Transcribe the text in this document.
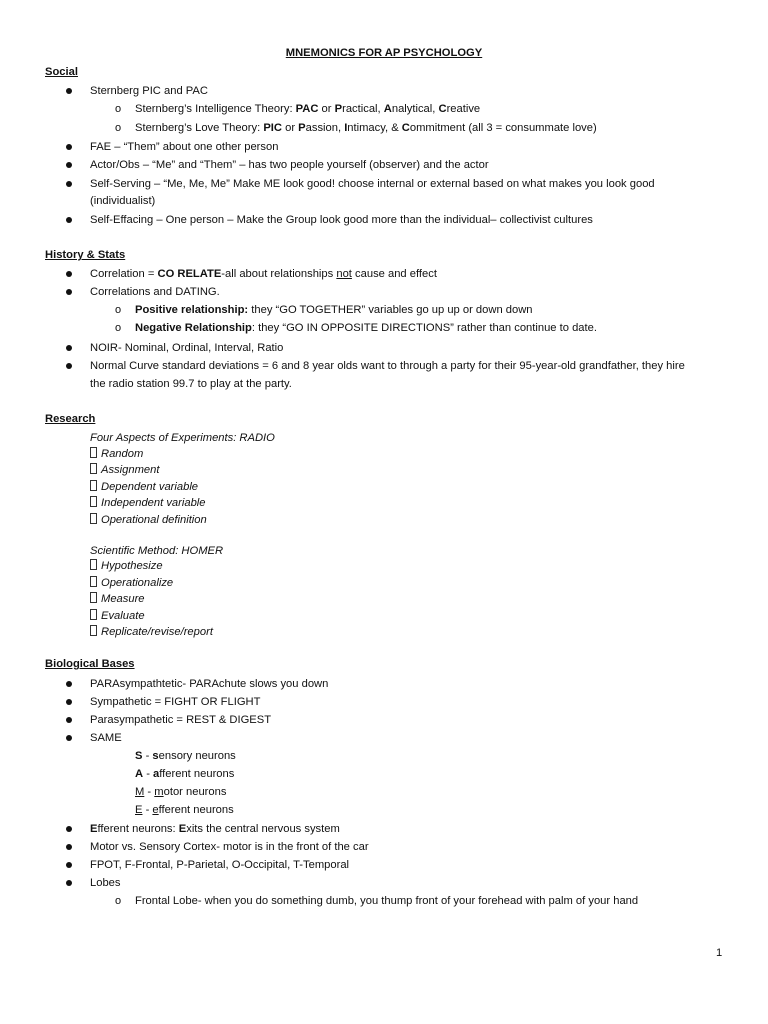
MNEMONICS FOR AP PSYCHOLOGY
Social
Sternberg PIC and PAC
o Sternberg’s Intelligence Theory: PAC or Practical, Analytical, Creative
o Sternberg’s Love Theory: PIC or Passion, Intimacy, & Commitment (all 3 = consummate love)
FAE – “Them” about one other person
Actor/Obs – “Me” and “Them” – has two people yourself (observer) and the actor
Self-Serving – “Me, Me, Me” Make ME look good! choose internal or external based on what makes you look good
(individualist)
Self-Effacing – One person – Make the Group look good more than the individual– collectivist cultures
History & Stats
Correlation = CO RELATE-all about relationships not cause and effect
Correlations and DATING.
o Positive relationship: they “GO TOGETHER” variables go up up or down down
o Negative Relationship: they “GO IN OPPOSITE DIRECTIONS” rather than continue to date.
NOIR- Nominal, Ordinal, Interval, Ratio
Normal Curve standard deviations = 6 and 8 year olds want to through a party for their 95-year-old grandfather, they hire
the radio station 99.7 to play at the party.
Research
Four Aspects of Experiments: RADIO
Random
Assignment
Dependent variable
Independent variable
Operational definition
Scientific Method: HOMER
Hypothesize
Operationalize
Measure
Evaluate
Replicate/revise/report
Biological Bases
PARAsympathtetic- PARAchute slows you down
Sympathetic = FIGHT OR FLIGHT
Parasympathetic = REST & DIGEST
SAME
S - sensory neurons
A - afferent neurons
M - motor neurons
E - efferent neurons
Efferent neurons: Exits the central nervous system
Motor vs. Sensory Cortex- motor is in the front of the car
FPOT, F-Frontal, P-Parietal, O-Occipital, T-Temporal
Lobes
o Frontal Lobe- when you do something dumb, you thump front of your forehead with palm of your hand
1
